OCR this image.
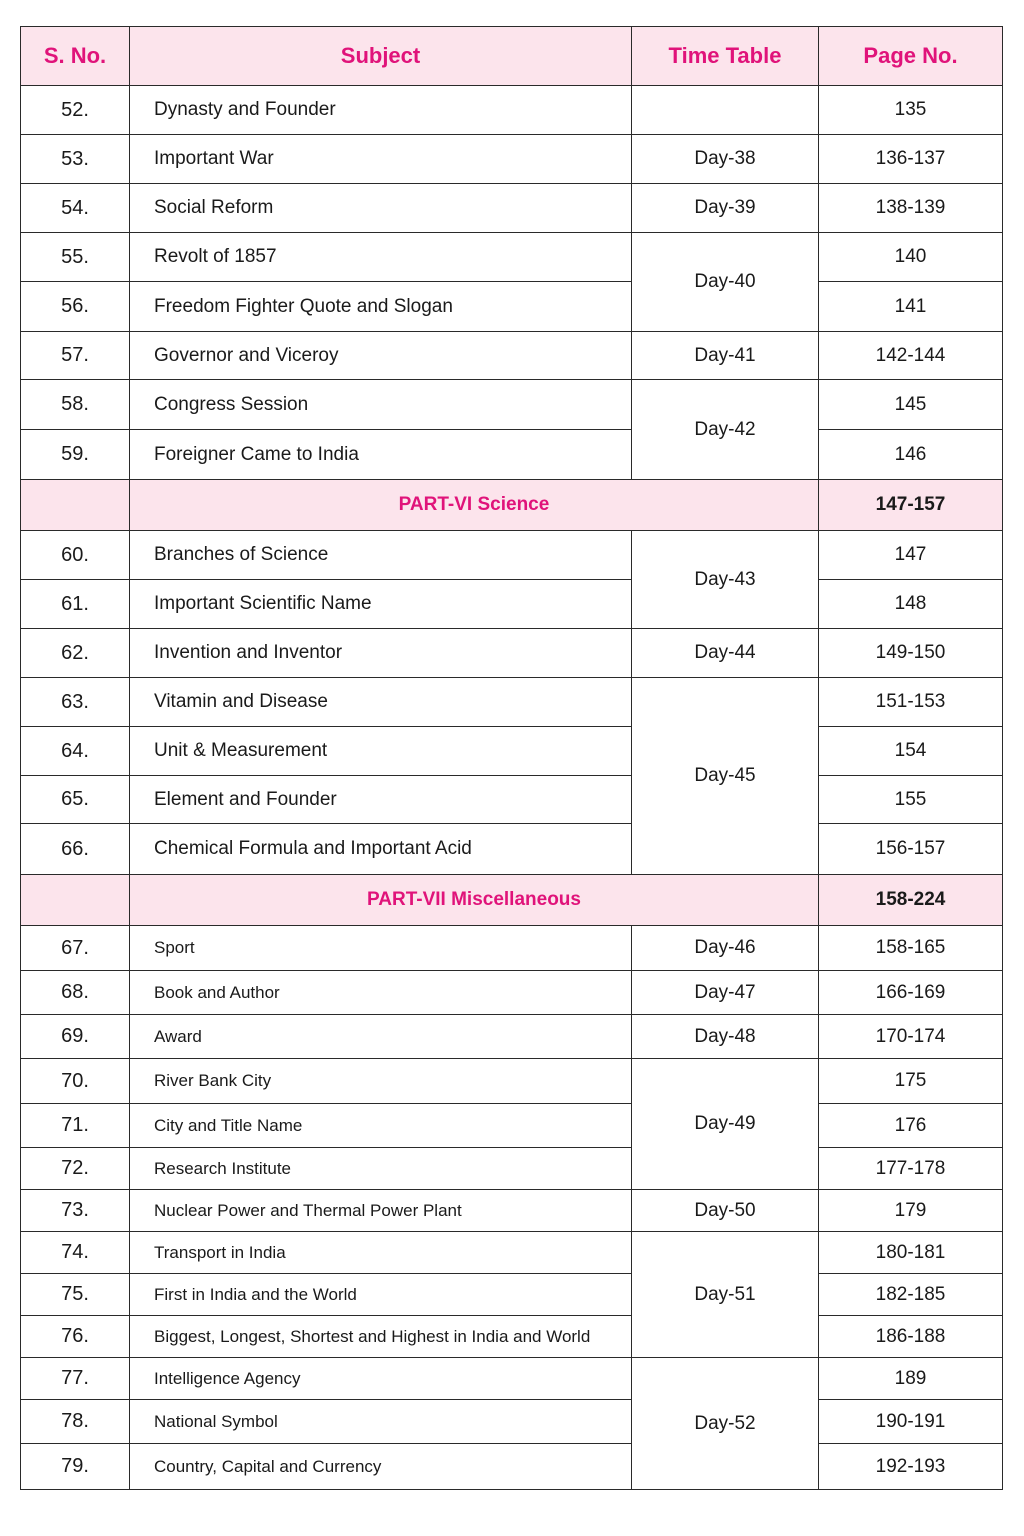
S. No.	Subject	Time Table	Page No.
52.	Dynasty and Founder		135
53.	Important War	Day-38	136-137
54.	Social Reform	Day-39	138-139
55.	Revolt of 1857	Day-40	140
56.	Freedom Fighter Quote and Slogan		141
57.	Governor and Viceroy	Day-41	142-144
58.	Congress Session	Day-42	145
59.	Foreigner Came to India		146
	PART-VI Science		147-157
60.	Branches of Science	Day-43	147
61.	Important Scientific Name		148
62.	Invention and Inventor	Day-44	149-150
63.	Vitamin and Disease	Day-45	151-153
64.	Unit & Measurement		154
65.	Element and Founder		155
66.	Chemical Formula and Important Acid		156-157
	PART-VII Miscellaneous		158-224
67.	Sport	Day-46	158-165
68.	Book and Author	Day-47	166-169
69.	Award	Day-48	170-174
70.	River Bank City	Day-49	175
71.	City and Title Name		176
72.	Research Institute		177-178
73.	Nuclear Power and Thermal Power Plant	Day-50	179
74.	Transport in India	Day-51	180-181
75.	First in India and the World		182-185
76.	Biggest, Longest, Shortest and Highest in India and World		186-188
77.	Intelligence Agency	Day-52	189
78.	National Symbol		190-191
79.	Country, Capital and Currency		192-193
